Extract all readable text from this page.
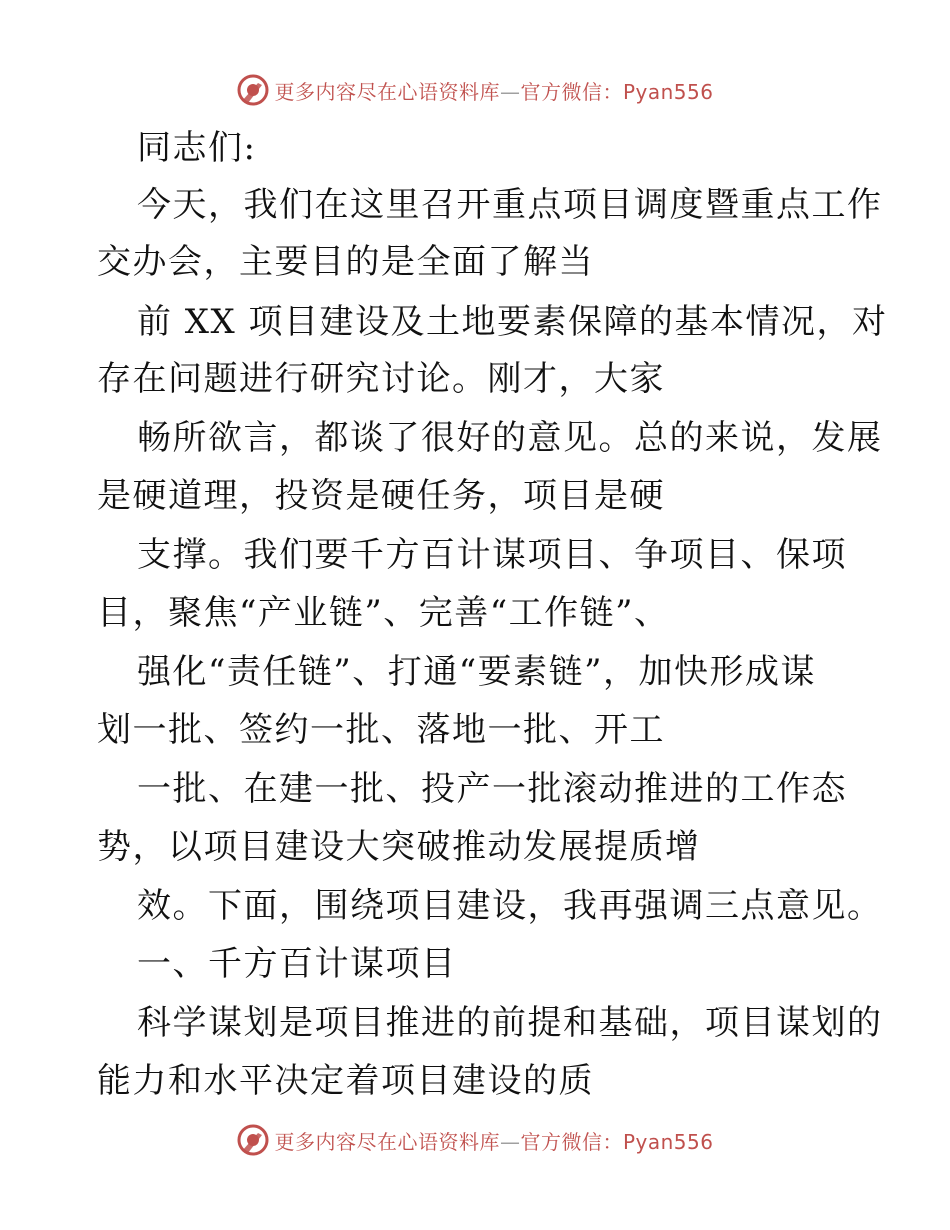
更多内容尽在心语资料库—官方微信：Pyan556
同志们:
今天，我们在这里召开重点项目调度暨重点工作
交办会，主要目的是全面了解当
前 XX 项目建设及土地要素保障的基本情况，对
存在问题进行研究讨论。刚才，大家
畅所欲言，都谈了很好的意见。总的来说，发展
是硬道理，投资是硬任务，项目是硬
支撑。我们要千方百计谋项目、争项目、保项
目，聚焦“产业链”、完善“工作链”、
强化“责任链”、打通“要素链”，加快形成谋
划一批、签约一批、落地一批、开工
一批、在建一批、投产一批滚动推进的工作态
势，以项目建设大突破推动发展提质增
效。下面，围绕项目建设，我再强调三点意见。
一、千方百计谋项目
科学谋划是项目推进的前提和基础，项目谋划的
能力和水平决定着项目建设的质
更多内容尽在心语资料库—官方微信：Pyan556
